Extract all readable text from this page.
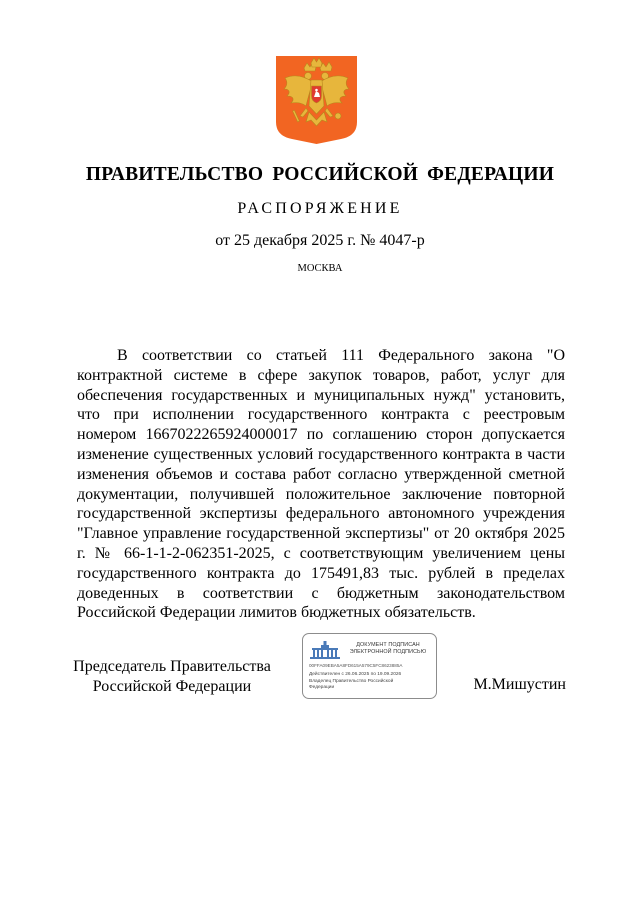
ПРАВИТЕЛЬСТВО РОССИЙСКОЙ ФЕДЕРАЦИИ
РАСПОРЯЖЕНИЕ
от 25 декабря 2025 г. № 4047-р
МОСКВА

В соответствии со статьей 111 Федерального закона "О контрактной системе в сфере закупок товаров, работ, услуг для обеспечения государственных и муниципальных нужд" установить, что при исполнении государственного контракта с реестровым номером 1667022265924000017 по соглашению сторон допускается изменение существенных условий государственного контракта в части изменения объемов и состава работ согласно утвержденной сметной документации, получившей положительное заключение повторной государственной экспертизы федерального автономного учреждения "Главное управление государственной экспертизы" от 20 октября 2025 г. № 66-1-1-2-062351-2025, с соответствующим увеличением цены государственного контракта до 175491,83 тыс. рублей в пределах доведенных в соответствии с бюджетным законодательством Российской Федерации лимитов бюджетных обязательств.

Председатель Правительства
Российской Федерации
ДОКУМЕНТ ПОДПИСАН
ЭЛЕКТРОННОЙ ПОДПИСЬЮ
00FFA09EBA5A8FD615A579C5FC8623885A
Действителен с 26.06.2025 по 19.09.2026
Владелец Правительство Российской
Федерации	М.Мишустин
